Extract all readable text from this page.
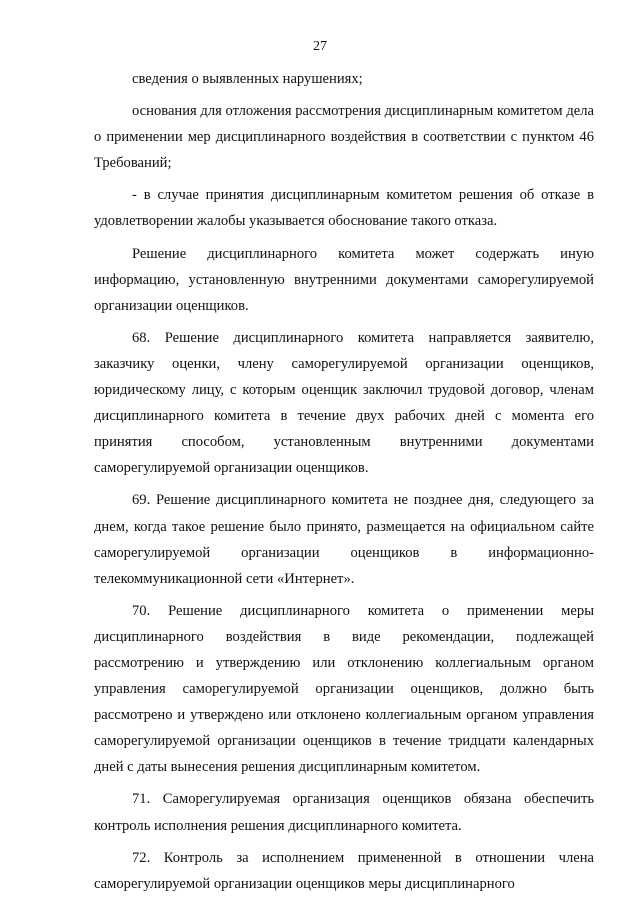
27

сведения о выявленных нарушениях;

основания для отложения рассмотрения дисциплинарным комитетом дела о применении мер дисциплинарного воздействия в соответствии с пунктом 46 Требований;

- в случае принятия дисциплинарным комитетом решения об отказе в удовлетворении жалобы указывается обоснование такого отказа.

Решение дисциплинарного комитета может содержать иную информацию, установленную внутренними документами саморегулируемой организации оценщиков.

68. Решение дисциплинарного комитета направляется заявителю, заказчику оценки, члену саморегулируемой организации оценщиков, юридическому лицу, с которым оценщик заключил трудовой договор, членам дисциплинарного комитета в течение двух рабочих дней с момента его принятия способом, установленным внутренними документами саморегулируемой организации оценщиков.

69. Решение дисциплинарного комитета не позднее дня, следующего за днем, когда такое решение было принято, размещается на официальном сайте саморегулируемой организации оценщиков в информационно-телекоммуникационной сети «Интернет».

70. Решение дисциплинарного комитета о применении меры дисциплинарного воздействия в виде рекомендации, подлежащей рассмотрению и утверждению или отклонению коллегиальным органом управления саморегулируемой организации оценщиков, должно быть рассмотрено и утверждено или отклонено коллегиальным органом управления саморегулируемой организации оценщиков в течение тридцати календарных дней с даты вынесения решения дисциплинарным комитетом.

71. Саморегулируемая организация оценщиков обязана обеспечить контроль исполнения решения дисциплинарного комитета.

72. Контроль за исполнением примененной в отношении члена саморегулируемой организации оценщиков меры дисциплинарного
